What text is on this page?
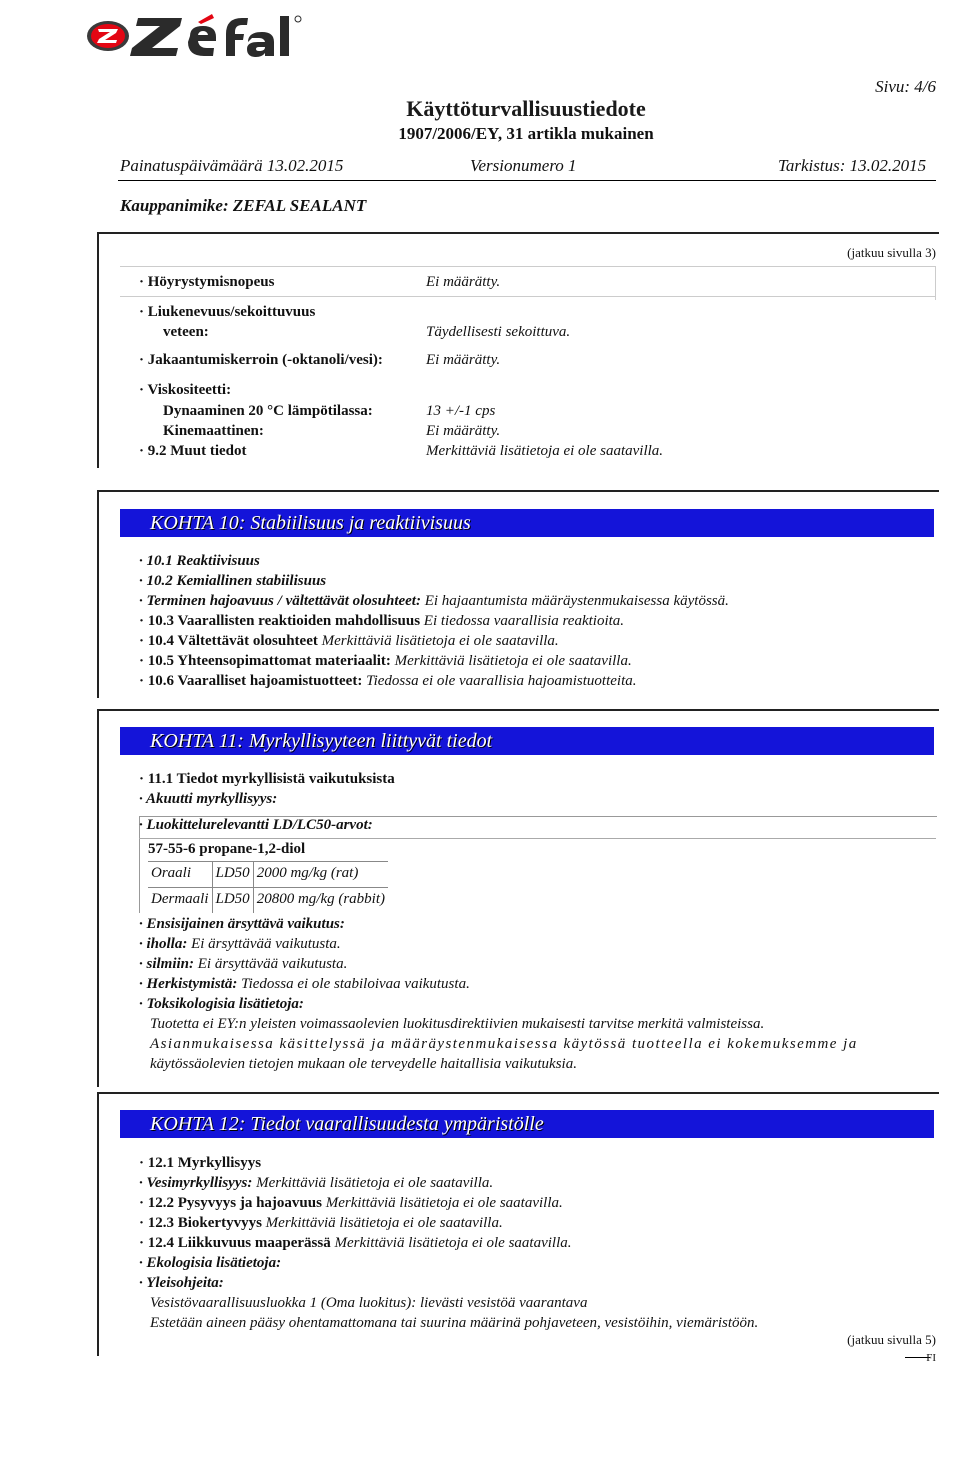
Sivu: 4/6
Käyttöturvallisuustiedote
1907/2006/EY, 31 artikla mukainen
Painatuspäivämäärä 13.02.2015	Versionumero 1	Tarkistus: 13.02.2015
Kauppanimike: ZEFAL SEALANT
(jatkuu sivulla 3)
· Höyrystymisnopeus	Ei määrätty.
· Liukenevuus/sekoittuvuus
veteen:	Täydellisesti sekoittuva.
· Jakaantumiskerroin (-oktanoli/vesi):	Ei määrätty.
· Viskositeetti:
Dynaaminen 20 °C lämpötilassa:	13 +/-1 cps
Kinemaattinen:	Ei määrätty.
· 9.2 Muut tiedot	Merkittäviä lisätietoja ei ole saatavilla.
KOHTA 10: Stabiilisuus ja reaktiivisuus
· 10.1 Reaktiivisuus
· 10.2 Kemiallinen stabiilisuus
· Terminen hajoavuus / vältettävät olosuhteet: Ei hajaantumista määräystenmukaisessa käytössä.
· 10.3 Vaarallisten reaktioiden mahdollisuus Ei tiedossa vaarallisia reaktioita.
· 10.4 Vältettävät olosuhteet Merkittäviä lisätietoja ei ole saatavilla.
· 10.5 Yhteensopimattomat materiaalit: Merkittäviä lisätietoja ei ole saatavilla.
· 10.6 Vaaralliset hajoamistuotteet: Tiedossa ei ole vaarallisia hajoamistuotteita.
KOHTA 11: Myrkyllisyyteen liittyvät tiedot
· 11.1 Tiedot myrkyllisistä vaikutuksista
· Akuutti myrkyllisyys:
· Luokittelurelevantti LD/LC50-arvot:
57-55-6 propane-1,2-diol
Oraali	LD50	2000 mg/kg (rat)
Dermaali	LD50	20800 mg/kg (rabbit)
· Ensisijainen ärsyttävä vaikutus:
· iholla: Ei ärsyttävää vaikutusta.
· silmiin: Ei ärsyttävää vaikutusta.
· Herkistymistä: Tiedossa ei ole stabiloivaa vaikutusta.
· Toksikologisia lisätietoja:
Tuotetta ei EY:n yleisten voimassaolevien luokitusdirektiivien mukaisesti tarvitse merkitä valmisteissa.
Asianmukaisessa käsittelyssä ja määräystenmukaisessa käytössä tuotteella ei kokemuksemme ja
käytössäolevien tietojen mukaan ole terveydelle haitallisia vaikutuksia.
KOHTA 12: Tiedot vaarallisuudesta ympäristölle
· 12.1 Myrkyllisyys
· Vesimyrkyllisyys: Merkittäviä lisätietoja ei ole saatavilla.
· 12.2 Pysyvyys ja hajoavuus Merkittäviä lisätietoja ei ole saatavilla.
· 12.3 Biokertyvyys Merkittäviä lisätietoja ei ole saatavilla.
· 12.4 Liikkuvuus maaperässä Merkittäviä lisätietoja ei ole saatavilla.
· Ekologisia lisätietoja:
· Yleisohjeita:
Vesistövaarallisuusluokka 1 (Oma luokitus): lievästi vesistöä vaarantava
Estetään aineen pääsy ohentamattomana tai suurina määrinä pohjaveteen, vesistöihin, viemäristöön.
(jatkuu sivulla 5)
FI
